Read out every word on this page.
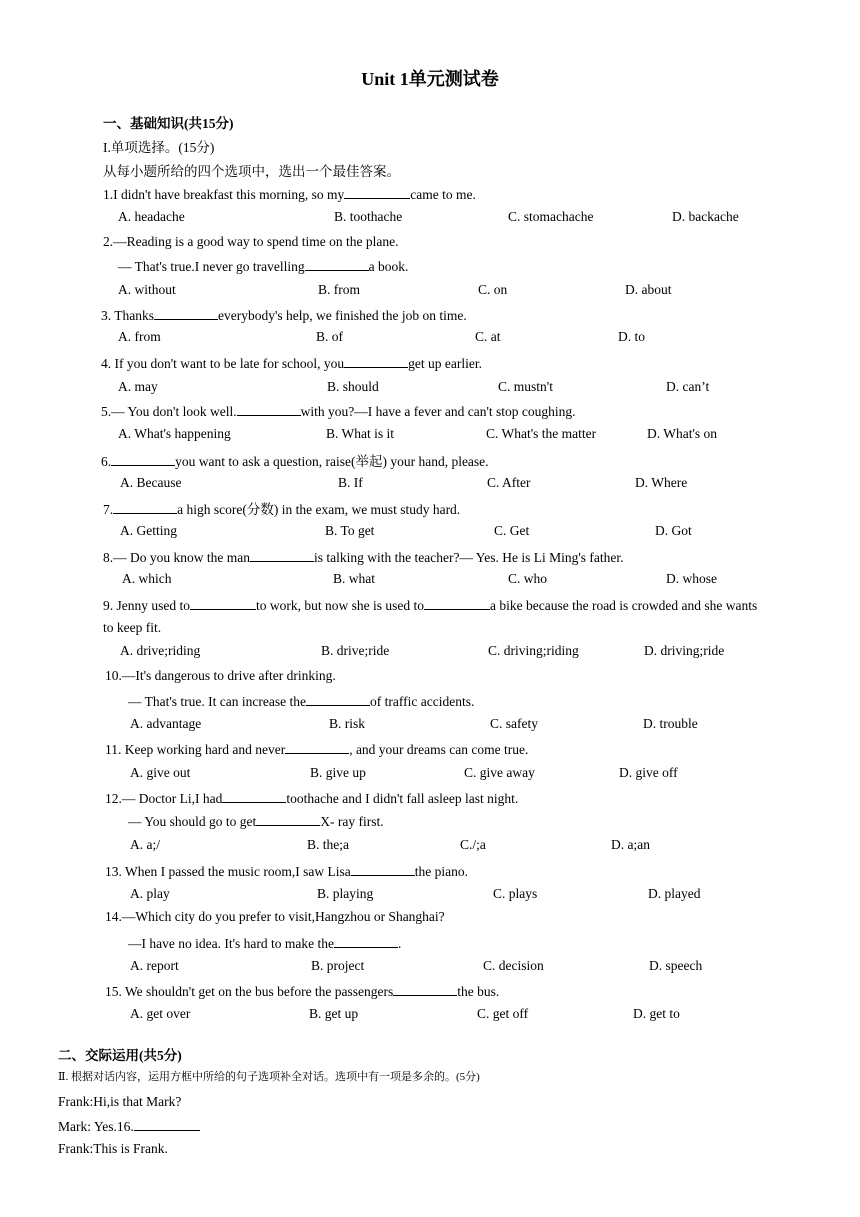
Unit 1单元测试卷
一、基础知识(共15分)
I.单项选择。(15分)
从每小题所给的四个选项中，选出一个最佳答案。
1.I didn't have breakfast this morning, so my	came to me.
A. headache	B. toothache	C. stomachache	D. backache
2.—Reading is a good way to spend time on the plane.
— That's true.I never go travelling	a book.
A. without	B. from	C. on	D. about
3. Thanks	everybody's help, we finished the job on time.
A. from	B. of	C. at	D. to
4. If you don't want to be late for school, you	get up earlier.
A. may	B. should	C. mustn't	D. can’t
5.— You don't look well.	with you?—I have a fever and can't stop coughing.
A. What's happening	B. What is it	C. What's the matter	D. What's on
6.	you want to ask a question, raise(举起) your hand, please.
A. Because	B. If	C. After	D. Where
7.	a high score(分数) in the exam, we must study hard.
A. Getting	B. To get	C. Get	D. Got
8.— Do you know the man	is talking with the teacher?— Yes. He is Li Ming's father.
A. which	B. what	C. who	D. whose
9. Jenny used to	to work, but now she is used to	a bike because the road is crowded and she wants
to keep fit.
A. drive;riding	B. drive;ride	C. driving;riding	D. driving;ride
10.—It's dangerous to drive after drinking.
— That's true. It can increase the	of traffic accidents.
A. advantage	B. risk	C. safety	D. trouble
11. Keep working hard and never	, and your dreams can come true.
A. give out	B. give up	C. give away	D. give off
12.— Doctor Li,I had	toothache and I didn't fall asleep last night.
— You should go to get	X- ray first.
A. a;/	B. the;a	C./;a	D. a;an
13. When I passed the music room,I saw Lisa	the piano.
A. play	B. playing	C. plays	D. played
14.—Which city do you prefer to visit,Hangzhou or Shanghai?
—I have no idea. It's hard to make the	.
A. report	B. project	C. decision	D. speech
15. We shouldn't get on the bus before the passengers	the bus.
A. get over	B. get up	C. get off	D. get to
二、交际运用(共5分)
Ⅱ. 根据对话内容，运用方框中所给的句子选项补全对话。选项中有一项是多余的。(5分)
Frank:Hi,is that Mark?
Mark: Yes.16.
Frank:This is Frank.
